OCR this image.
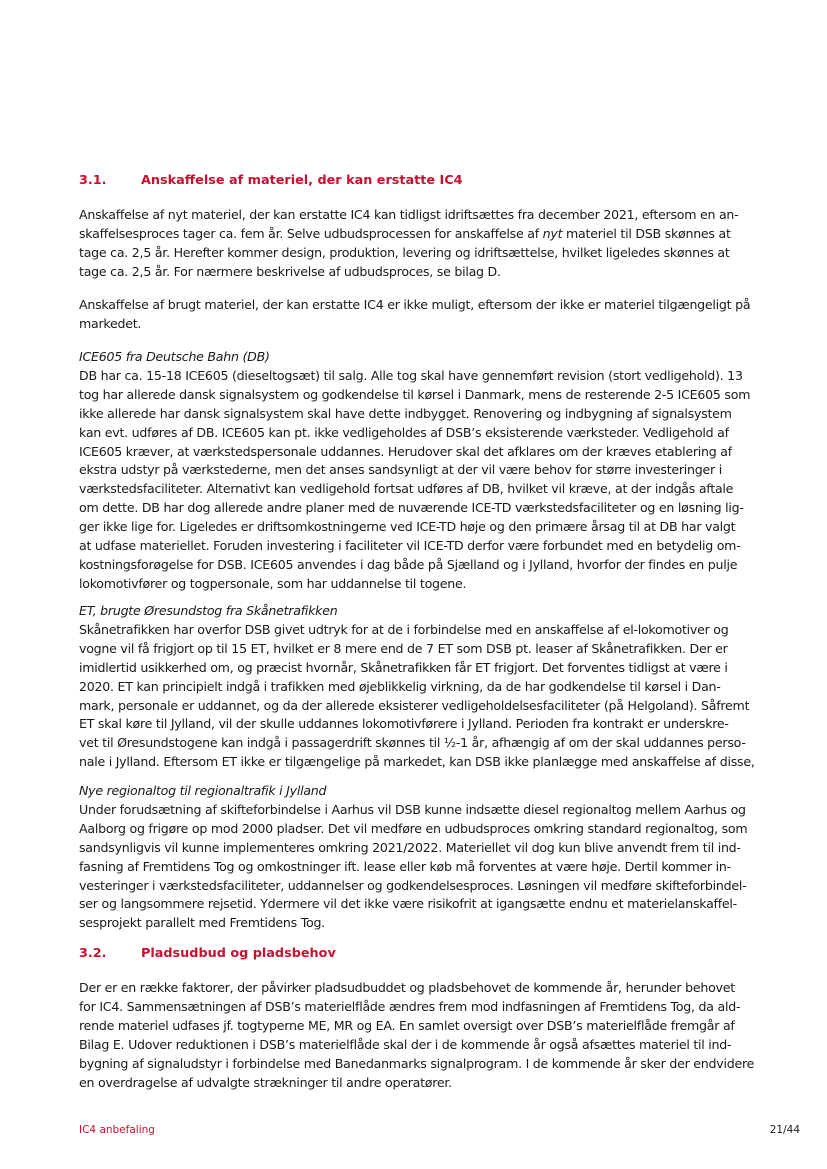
3.1.	Anskaffelse af materiel, der kan erstatte IC4
Anskaffelse af nyt materiel, der kan erstatte IC4 kan tidligst idriftsættes fra december 2021, eftersom en an-
skaffelsesproces tager ca. fem år. Selve udbudsprocessen for anskaffelse af nyt materiel til DSB skønnes at
tage ca. 2,5 år. Herefter kommer design, produktion, levering og idriftsættelse, hvilket ligeledes skønnes at
tage ca. 2,5 år. For nærmere beskrivelse af udbudsproces, se bilag D.
Anskaffelse af brugt materiel, der kan erstatte IC4 er ikke muligt, eftersom der ikke er materiel tilgængeligt på
markedet.
ICE605 fra Deutsche Bahn (DB)
DB har ca. 15-18 ICE605 (dieseltogsæt) til salg. Alle tog skal have gennemført revision (stort vedligehold). 13
tog har allerede dansk signalsystem og godkendelse til kørsel i Danmark, mens de resterende 2-5 ICE605 som
ikke allerede har dansk signalsystem skal have dette indbygget. Renovering og indbygning af signalsystem
kan evt. udføres af DB. ICE605 kan pt. ikke vedligeholdes af DSB’s eksisterende værksteder. Vedligehold af
ICE605 kræver, at værkstedspersonale uddannes. Herudover skal det afklares om der kræves etablering af
ekstra udstyr på værkstederne, men det anses sandsynligt at der vil være behov for større investeringer i
værkstedsfaciliteter. Alternativt kan vedligehold fortsat udføres af DB, hvilket vil kræve, at der indgås aftale
om dette. DB har dog allerede andre planer med de nuværende ICE-TD værkstedsfaciliteter og en løsning lig-
ger ikke lige for. Ligeledes er driftsomkostningerne ved ICE-TD høje og den primære årsag til at DB har valgt
at udfase materiellet. Foruden investering i faciliteter vil ICE-TD derfor være forbundet med en betydelig om-
kostningsforøgelse for DSB. ICE605 anvendes i dag både på Sjælland og i Jylland, hvorfor der findes en pulje
lokomotivfører og togpersonale, som har uddannelse til togene.
ET, brugte Øresundstog fra Skånetrafikken
Skånetrafikken har overfor DSB givet udtryk for at de i forbindelse med en anskaffelse af el-lokomotiver og
vogne vil få frigjort op til 15 ET, hvilket er 8 mere end de 7 ET som DSB pt. leaser af Skånetrafikken. Der er
imidlertid usikkerhed om, og præcist hvornår, Skånetrafikken får ET frigjort. Det forventes tidligst at være i
2020. ET kan principielt indgå i trafikken med øjeblikkelig virkning, da de har godkendelse til kørsel i Dan-
mark, personale er uddannet, og da der allerede eksisterer vedligeholdelsesfaciliteter (på Helgoland). Såfremt
ET skal køre til Jylland, vil der skulle uddannes lokomotivførere i Jylland. Perioden fra kontrakt er underskre-
vet til Øresundstogene kan indgå i passagerdrift skønnes til ½-1 år, afhængig af om der skal uddannes perso-
nale i Jylland. Eftersom ET ikke er tilgængelige på markedet, kan DSB ikke planlægge med anskaffelse af disse,
Nye regionaltog til regionaltrafik i Jylland
Under forudsætning af skifteforbindelse i Aarhus vil DSB kunne indsætte diesel regionaltog mellem Aarhus og
Aalborg og frigøre op mod 2000 pladser. Det vil medføre en udbudsproces omkring standard regionaltog, som
sandsynligvis vil kunne implementeres omkring 2021/2022. Materiellet vil dog kun blive anvendt frem til ind-
fasning af Fremtidens Tog og omkostninger ift. lease eller køb må forventes at være høje. Dertil kommer in-
vesteringer i værkstedsfaciliteter, uddannelser og godkendelsesproces. Løsningen vil medføre skifteforbindel-
ser og langsommere rejsetid. Ydermere vil det ikke være risikofrit at igangsætte endnu et materielanskaffel-
sesprojekt parallelt med Fremtidens Tog.
3.2.	Pladsudbud og pladsbehov
Der er en række faktorer, der påvirker pladsudbuddet og pladsbehovet de kommende år, herunder behovet
for IC4. Sammensætningen af DSB’s materielflåde ændres frem mod indfasningen af Fremtidens Tog, da ald-
rende materiel udfases jf. togtyperne ME, MR og EA. En samlet oversigt over DSB’s materielflåde fremgår af
Bilag E. Udover reduktionen i DSB’s materielflåde skal der i de kommende år også afsættes materiel til ind-
bygning af signaludstyr i forbindelse med Banedanmarks signalprogram. I de kommende år sker der endvidere
en overdragelse af udvalgte strækninger til andre operatører.
IC4 anbefaling	21/44
